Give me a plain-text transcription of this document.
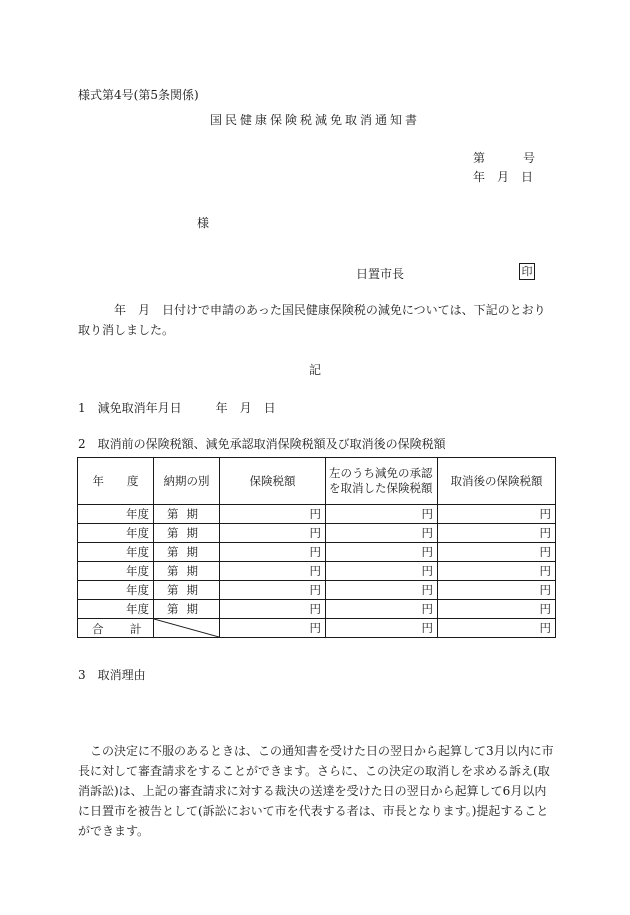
様式第4号(第5条関係)
国民健康保険税減免取消通知書
第	号
年　月　日
様
日置市長	印
年　月　日付けで申請のあった国民健康保険税の減免については、下記のとおり取り消しました。
記
1　減免取消年月日	年　月　日
2　取消前の保険税額、減免承認取消保険税額及び取消後の保険税額
年　　度	納期の別	保険税額	左のうち減免の承認を取消した保険税額	取消後の保険税額
年度	第期	円	円	円
年度	第期	円	円	円
年度	第期	円	円	円
年度	第期	円	円	円
年度	第期	円	円	円
年度	第期	円	円	円

合 計		円	円	円
3　取消理由
この決定に不服のあるときは、この通知書を受けた日の翌日から起算して3月以内に市長に対して審査請求をすることができます。さらに、この決定の取消しを求める訴え(取消訴訟)は、上記の審査請求に対する裁決の送達を受けた日の翌日から起算して6月以内に日置市を被告として(訴訟において市を代表する者は、市長となります。)提起することができます。
